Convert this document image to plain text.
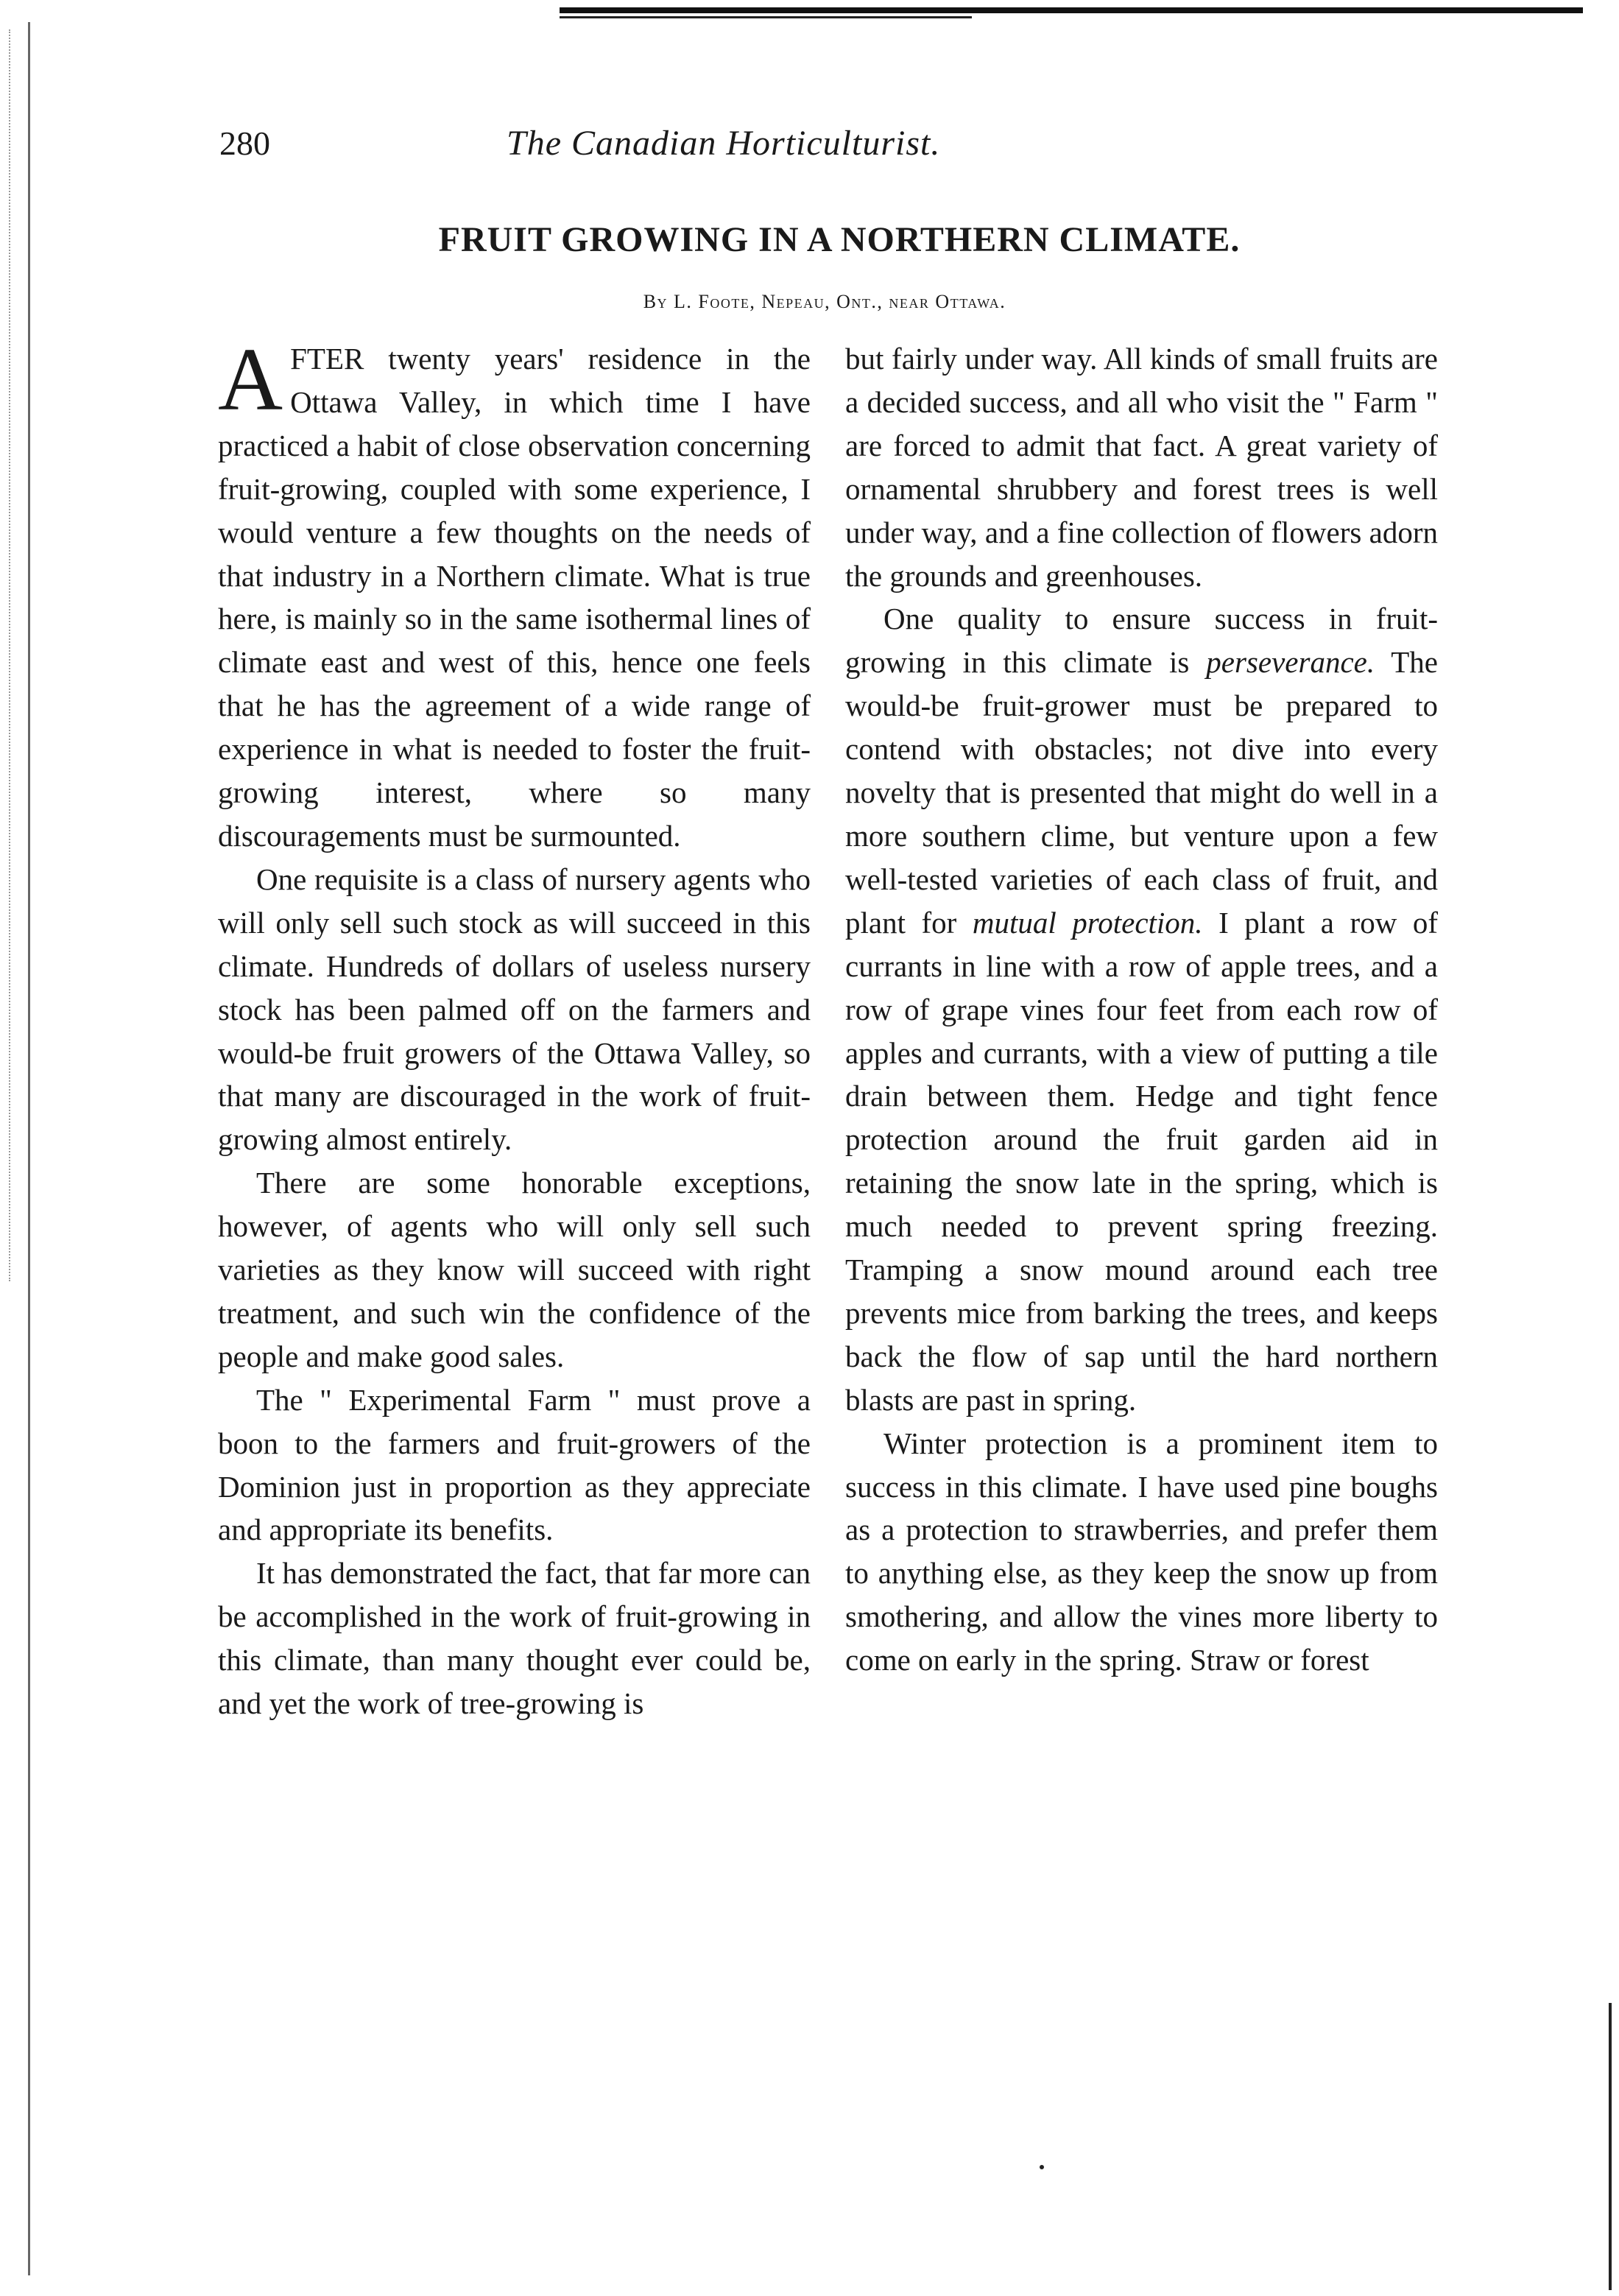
280	The Canadian Horticulturist.
FRUIT GROWING IN A NORTHERN CLIMATE.
By L. Foote, Nepeau, Ont., near Ottawa.

AFTER twenty years' residence in the Ottawa Valley, in which time I have practiced a habit of close observation concerning fruit-growing, coupled with some experience, I would venture a few thoughts on the needs of that industry in a Northern climate. What is true here, is mainly so in the same isothermal lines of climate east and west of this, hence one feels that he has the agreement of a wide range of experience in what is needed to foster the fruit-growing interest, where so many discouragements must be surmounted.

One requisite is a class of nursery agents who will only sell such stock as will succeed in this climate. Hundreds of dollars of useless nursery stock has been palmed off on the farmers and would-be fruit growers of the Ottawa Valley, so that many are discouraged in the work of fruit-growing almost entirely.

There are some honorable exceptions, however, of agents who will only sell such varieties as they know will succeed with right treatment, and such win the confidence of the people and make good sales.

The " Experimental Farm " must prove a boon to the farmers and fruit-growers of the Dominion just in proportion as they appreciate and appropriate its benefits.

It has demonstrated the fact, that far more can be accomplished in the work of fruit-growing in this climate, than many thought ever could be, and yet the work of tree-growing is

but fairly under way. All kinds of small fruits are a decided success, and all who visit the " Farm " are forced to admit that fact. A great variety of ornamental shrubbery and forest trees is well under way, and a fine collection of flowers adorn the grounds and greenhouses.

One quality to ensure success in fruit-growing in this climate is perseverance. The would-be fruit-grower must be prepared to contend with obstacles; not dive into every novelty that is presented that might do well in a more southern clime, but venture upon a few well-tested varieties of each class of fruit, and plant for mutual protection. I plant a row of currants in line with a row of apple trees, and a row of grape vines four feet from each row of apples and currants, with a view of putting a tile drain between them. Hedge and tight fence protection around the fruit garden aid in retaining the snow late in the spring, which is much needed to prevent spring freezing. Tramping a snow mound around each tree prevents mice from barking the trees, and keeps back the flow of sap until the hard northern blasts are past in spring.

Winter protection is a prominent item to success in this climate. I have used pine boughs as a protection to strawberries, and prefer them to anything else, as they keep the snow up from smothering, and allow the vines more liberty to come on early in the spring. Straw or forest
